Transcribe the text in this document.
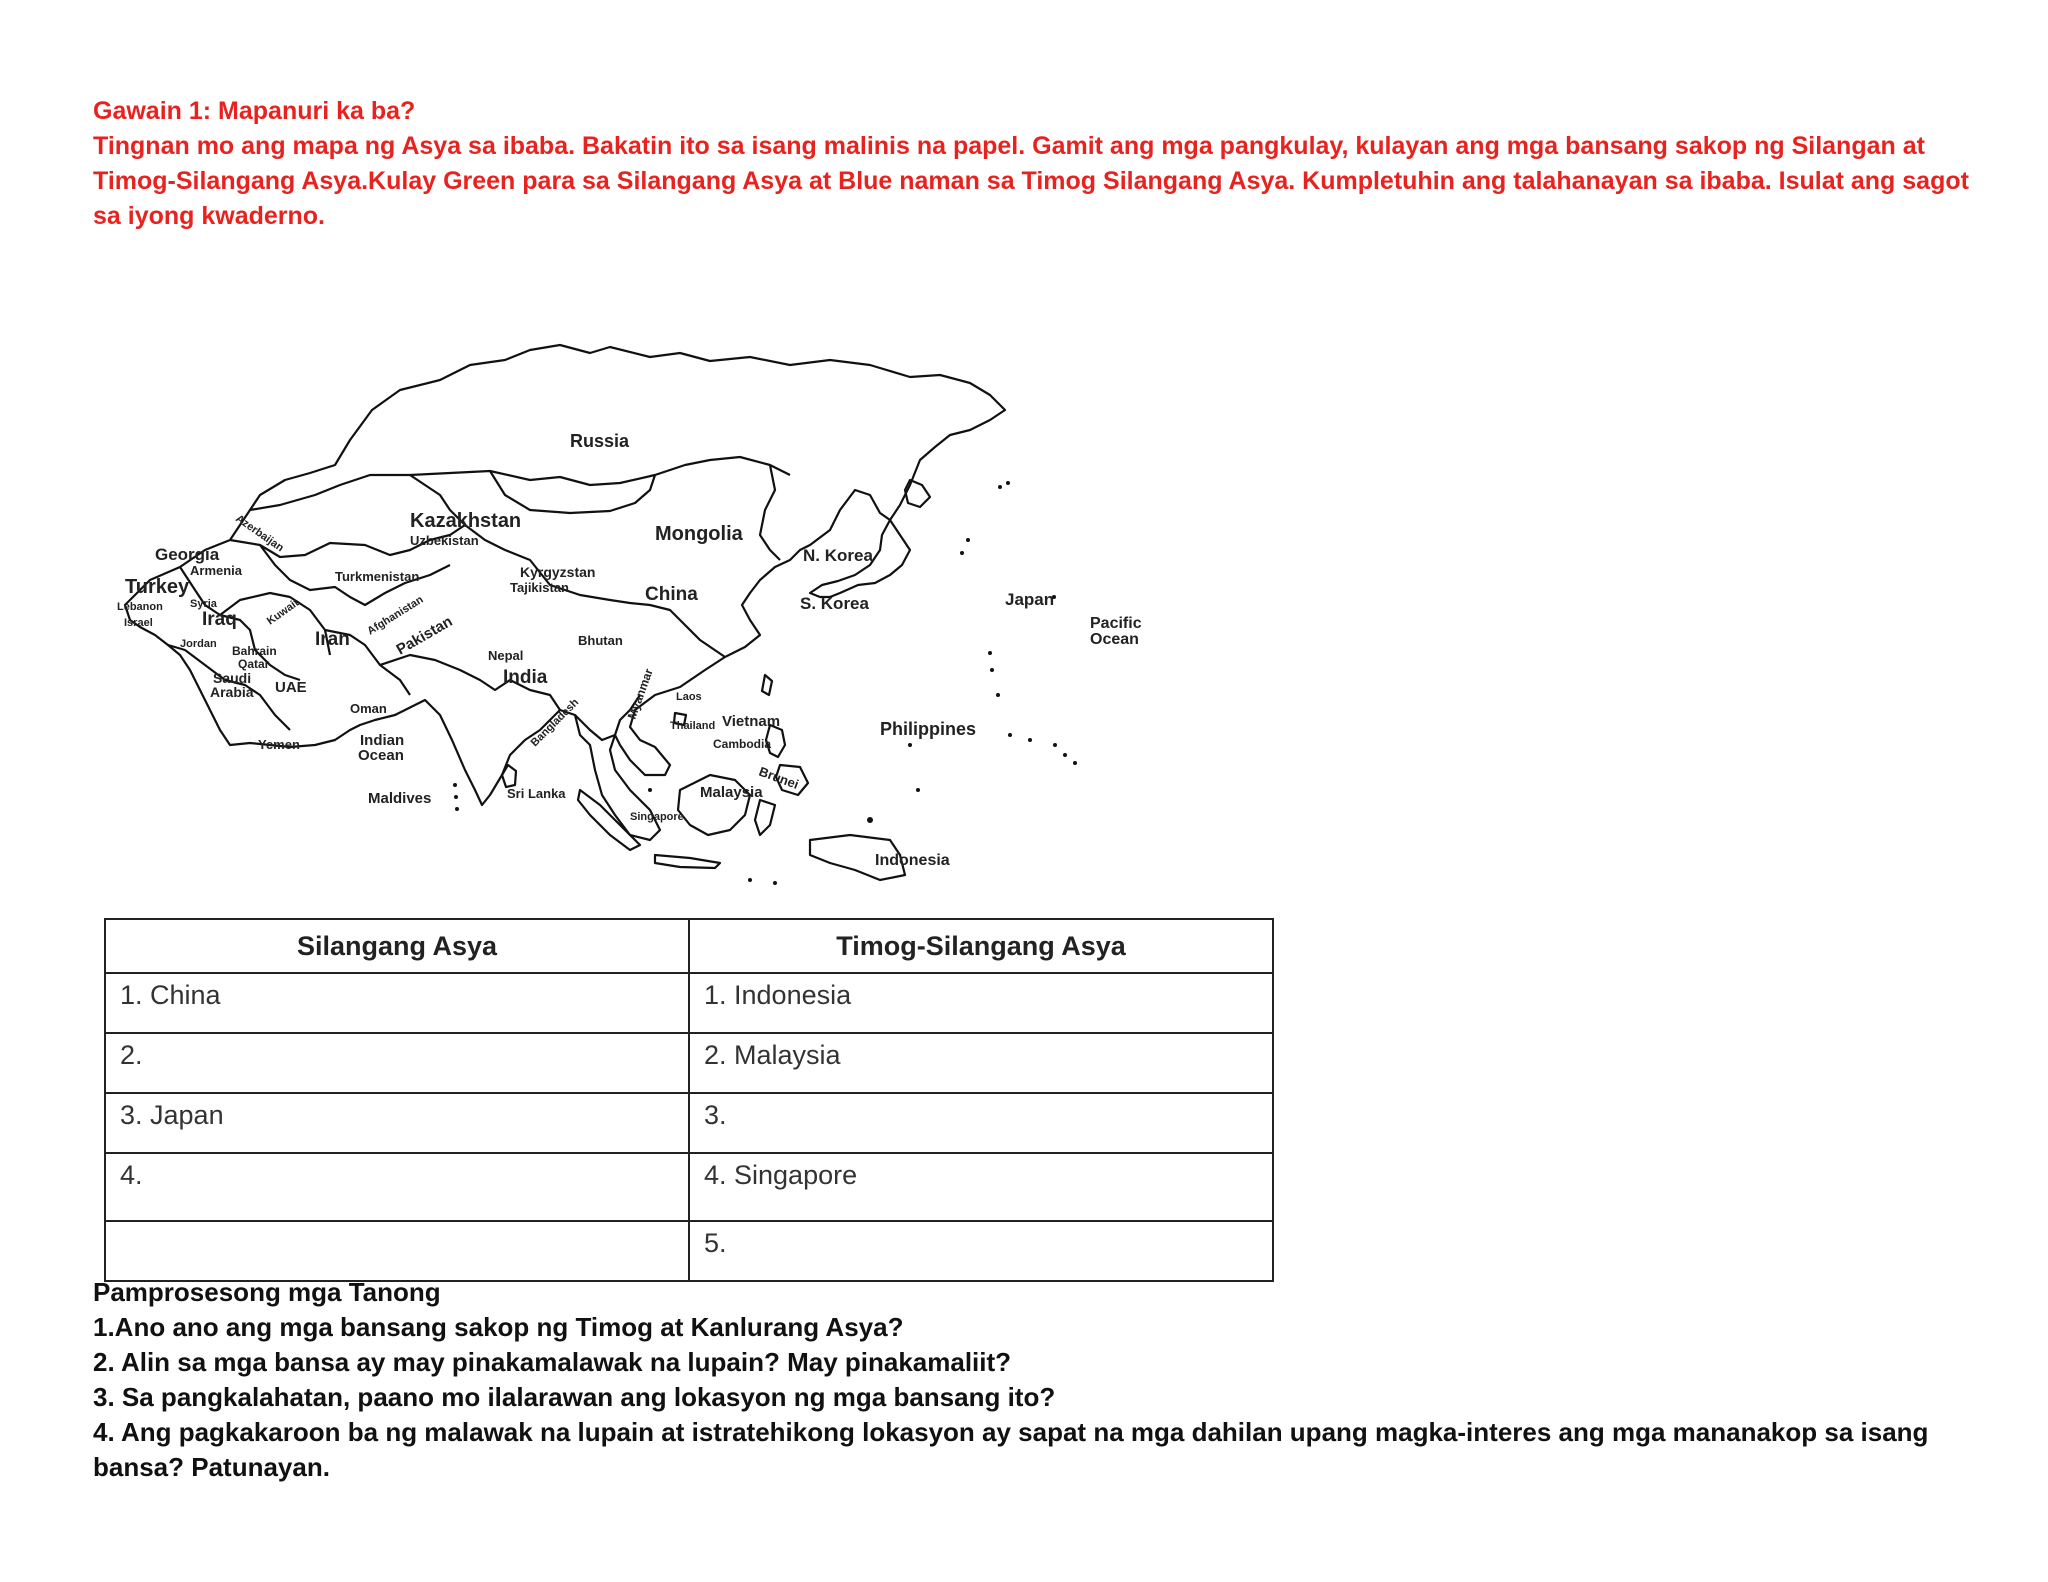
Gawain 1: Mapanuri ka ba?

Tingnan mo ang mapa ng Asya sa ibaba. Bakatin ito sa isang malinis na papel. Gamit ang mga pangkulay, kulayan ang mga bansang sakop ng Silangan at Timog-Silangang Asya.Kulay Green para sa Silangang Asya at Blue naman sa Timog Silangang Asya. Kumpletuhin ang talahanayan sa ibaba. Isulat ang sagot sa iyong kwaderno.

Russia
Kazakhstan
Uzbekistan	Mongolia
Georgia
Azerbaijan
Armenia
Turkey	Turkmenistan	Kyrgyzstan
Tajikistan	China
N. Korea
S. Korea	Japan
Pacific
Ocean
Lebanon Syria
Israel	Iraq	Kuwait
Iran
Afghanistan
Pakistan
Jordan Bahrain
Qatar
Saudi
Arabia UAE
Nepal
Bhutan
India
Oman
Yemen	Indian
Ocean
Bangladesh
Myanmar Laos
Thailand Vietnam
Cambodia
Philippines
Brunei
Malaysia
Maldives	Sri Lanka
Singapore
Indonesia
Silangang Asya	Timog-Silangang Asya
1. China	1. Indonesia
2.	2. Malaysia
3. Japan	3.
4.	4. Singapore
	5.

Pamprosesong mga Tanong

1.Ano ano ang mga bansang sakop ng Timog at Kanlurang Asya?

2. Alin sa mga bansa ay may pinakamalawak na lupain? May pinakamaliit?

3. Sa pangkalahatan, paano mo ilalarawan ang lokasyon ng mga bansang ito?

4. Ang pagkakaroon ba ng malawak na lupain at istratehikong lokasyon ay sapat na mga dahilan upang magka-interes ang mga mananakop sa isang bansa? Patunayan.
